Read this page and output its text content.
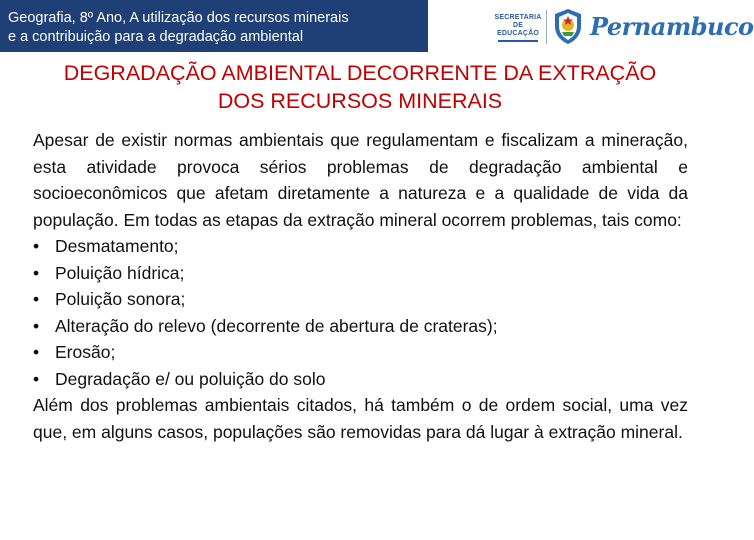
Geografia, 8º Ano, A utilização dos recursos minerais
e a contribuição para a degradação ambiental
SECRETARIA DE EDUCAÇÃO Pernambuco
DEGRADAÇÃO AMBIENTAL DECORRENTE DA EXTRAÇÃO
DOS RECURSOS MINERAIS

Apesar de existir normas ambientais que regulamentam e fiscalizam a mineração, esta atividade provoca sérios problemas de degradação ambiental e socioeconômicos que afetam diretamente a natureza e a qualidade de vida da população. Em todas as etapas da extração mineral ocorrem problemas, tais como:

• Desmatamento;
• Poluição hídrica;
• Poluição sonora;
• Alteração do relevo (decorrente de abertura de crateras);
• Erosão;
• Degradação e/ ou poluição do solo

Além dos problemas ambientais citados, há também o de ordem social, uma vez que, em alguns casos, populações são removidas para dá lugar à extração mineral.
